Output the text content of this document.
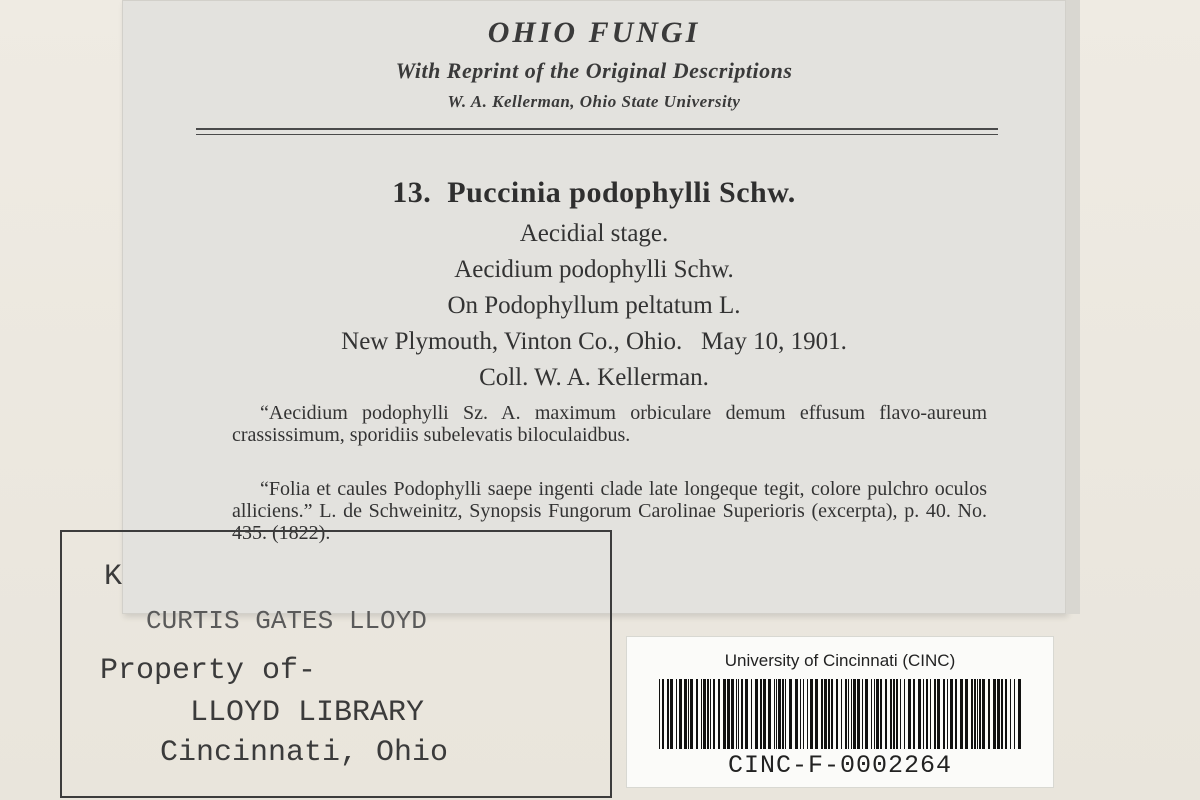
OHIO FUNGI
With Reprint of the Original Descriptions
W. A. Kellerman, Ohio State University
13.  Puccinia podophylli Schw.
Aecidial stage.
Aecidium podophylli Schw.
On Podophyllum peltatum L.
New Plymouth, Vinton Co., Ohio.   May 10, 1901.
Coll. W. A. Kellerman.
“Aecidium podophylli Sz. A. maximum orbiculare demum effusum flavo-aureum crassissimum, sporidiis subelevatis biloculaidbus.
“Folia et caules Podophylli saepe ingenti clade late longeque tegit, colore pulchro oculos alliciens.” L. de Schweinitz, Synopsis Fungorum Carolinae Superioris (excerpta), p. 40. No. 435. (1822).
K
CURTIS GATES LLOYD
Property of-
LLOYD LIBRARY
Cincinnati, Ohio
University of Cincinnati (CINC)
CINC-F-0002264
